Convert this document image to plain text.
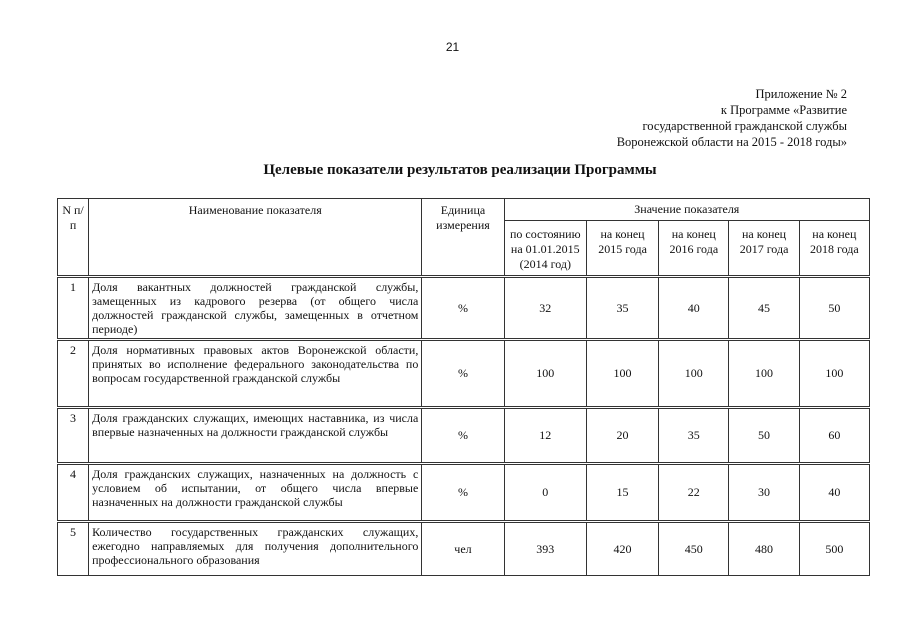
21
Приложение № 2
к Программе «Развитие
государственной гражданской службы
Воронежской области на 2015 - 2018 годы»
Целевые показатели результатов реализации Программы
N п/п	Наименование показателя	Единица измерения	Значение показателя				
			по состоянию на 01.01.2015 (2014 год)	на конец 2015 года	на конец 2016 года	на конец 2017 года	на конец 2018 года
1	Доля вакантных должностей гражданской службы, замещенных из кадрового резерва (от общего числа должностей гражданской службы, замещенных в отчетном периоде)	%	32	35	40	45	50
2	Доля нормативных правовых актов Воронежской области, принятых во исполнение федерального законодательства по вопросам государственной гражданской службы	%	100	100	100	100	100
3	Доля гражданских служащих, имеющих наставника, из числа впервые назначенных на должности гражданской службы	%	12	20	35	50	60
4	Доля гражданских служащих, назначенных на должность с условием об испытании, от общего числа впервые назначенных на должности гражданской службы	%	0	15	22	30	40
5	Количество государственных гражданских служащих, ежегодно направляемых для получения дополнительного профессионального образования	чел	393	420	450	480	500
